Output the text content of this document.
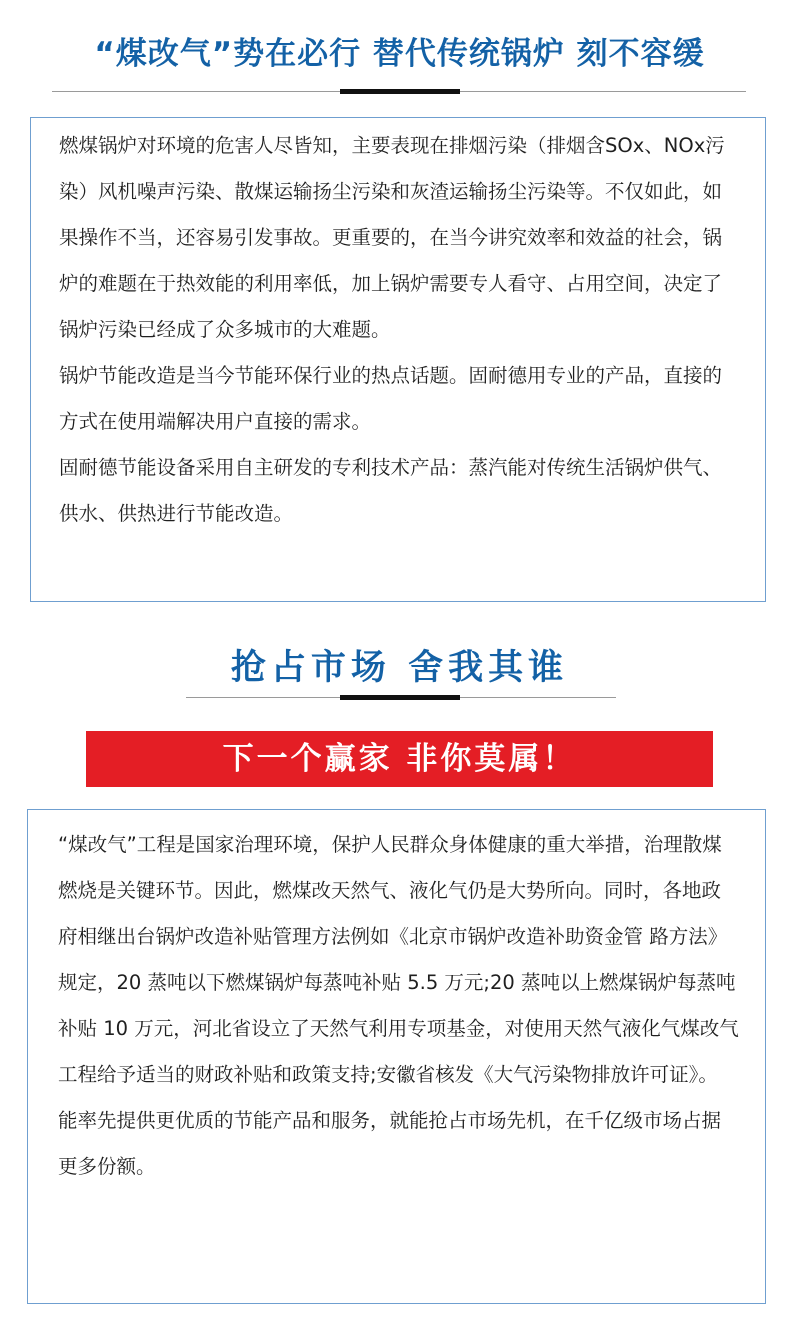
“煤改气”势在必行 替代传统锅炉 刻不容缓

燃煤锅炉对环境的危害人尽皆知，主要表现在排烟污染（排烟含SOx、NOx污染）风机噪声污染、散煤运输扬尘污染和灰渣运输扬尘污染等。不仅如此，如果操作不当，还容易引发事故。更重要的，在当今讲究效率和效益的社会，锅炉的难题在于热效能的利用率低，加上锅炉需要专人看守、占用空间，决定了锅炉污染已经成了众多城市的大难题。

锅炉节能改造是当今节能环保行业的热点话题。固耐德用专业的产品，直接的方式在使用端解决用户直接的需求。

固耐德节能设备采用自主研发的专利技术产品：蒸汽能对传统生活锅炉供气、供水、供热进行节能改造。

抢占市场 舍我其谁
下一个赢家 非你莫属！

“煤改气”工程是国家治理环境，保护人民群众身体健康的重大举措，治理散煤燃烧是关键环节。因此，燃煤改天然气、液化气仍是大势所向。同时，各地政府相继出台锅炉改造补贴管理方法例如《北京市锅炉改造补助资金管 路方法》规定，20 蒸吨以下燃煤锅炉每蒸吨补贴 5.5 万元;20 蒸吨以上燃煤锅炉每蒸吨补贴 10 万元，河北省设立了天然气利用专项基金，对使用天然气液化气煤改气工程给予适当的财政补贴和政策支持;安徽省核发《大气污染物排放许可证》。

能率先提供更优质的节能产品和服务，就能抢占市场先机，在千亿级市场占据更多份额。
